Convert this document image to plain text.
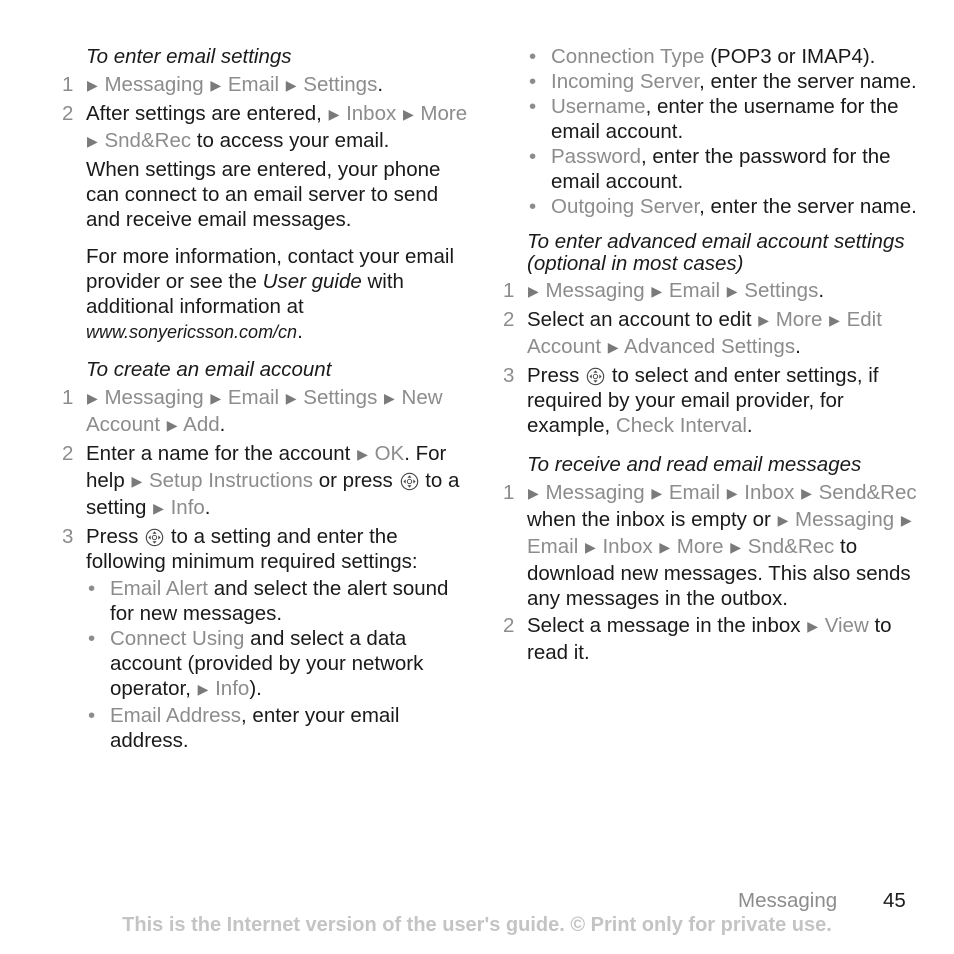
To enter email settings
1 ▶ Messaging ▶ Email ▶ Settings.
2 After settings are entered, ▶ Inbox ▶ More ▶ Snd&Rec to access your email.
When settings are entered, your phone can connect to an email server to send and receive email messages.
For more information, contact your email provider or see the User guide with additional information at www.sonyericsson.com/cn.
To create an email account
1 ▶ Messaging ▶ Email ▶ Settings ▶ New Account ▶ Add.
2 Enter a name for the account ▶ OK. For help ▶ Setup Instructions or press to a setting ▶ Info.
3 Press to a setting and enter the following minimum required settings:
• Email Alert and select the alert sound for new messages.
• Connect Using and select a data account (provided by your network operator, ▶ Info).
• Email Address, enter your email address.
• Connection Type (POP3 or IMAP4).
• Incoming Server, enter the server name.
• Username, enter the username for the email account.
• Password, enter the password for the email account.
• Outgoing Server, enter the server name.
To enter advanced email account settings (optional in most cases)
1 ▶ Messaging ▶ Email ▶ Settings.
2 Select an account to edit ▶ More ▶ Edit Account ▶ Advanced Settings.
3 Press to select and enter settings, if required by your email provider, for example, Check Interval.
To receive and read email messages
1 ▶ Messaging ▶ Email ▶ Inbox ▶ Send&Rec when the inbox is empty or ▶ Messaging ▶ Email ▶ Inbox ▶ More ▶ Snd&Rec to download new messages. This also sends any messages in the outbox.
2 Select a message in the inbox ▶ View to read it.
Messaging 45
This is the Internet version of the user's guide. © Print only for private use.
